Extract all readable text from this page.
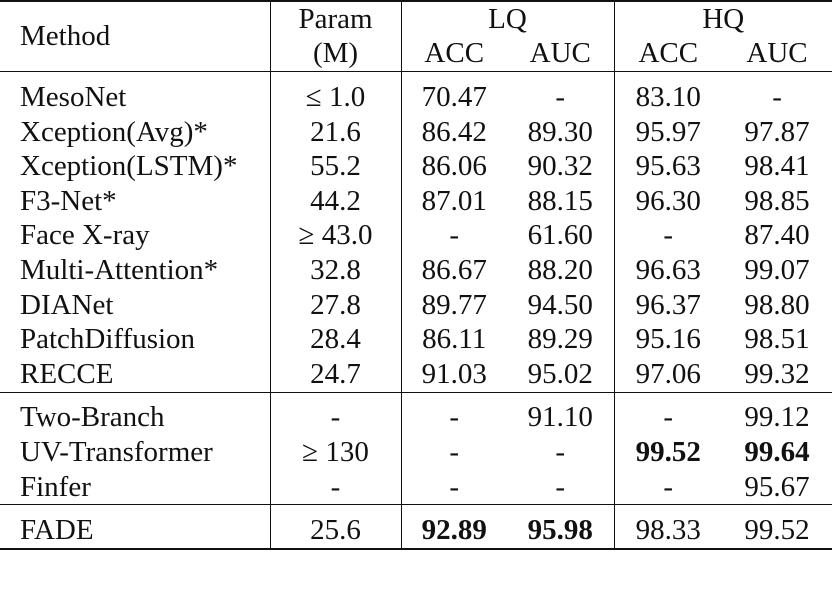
Method	Param	LQ		HQ	
	(M)	ACC	AUC	ACC	AUC

MesoNet	≤ 1.0	70.47	-	83.10	-
Xception(Avg)*	21.6	86.42	89.30	95.97	97.87
Xception(LSTM)*	55.2	86.06	90.32	95.63	98.41
F3-Net*	44.2	87.01	88.15	96.30	98.85
Face X-ray	≥ 43.0	-	61.60	-	87.40
Multi-Attention*	32.8	86.67	88.20	96.63	99.07
DIANet	27.8	89.77	94.50	96.37	98.80
PatchDiffusion	28.4	86.11	89.29	95.16	98.51
RECCE	24.7	91.03	95.02	97.06	99.32

Two-Branch	-	-	91.10	-	99.12
UV-Transformer	≥ 130	-	-	99.52	99.64
Finfer	-	-	-	-	95.67

FADE	25.6	92.89	95.98	98.33	99.52
